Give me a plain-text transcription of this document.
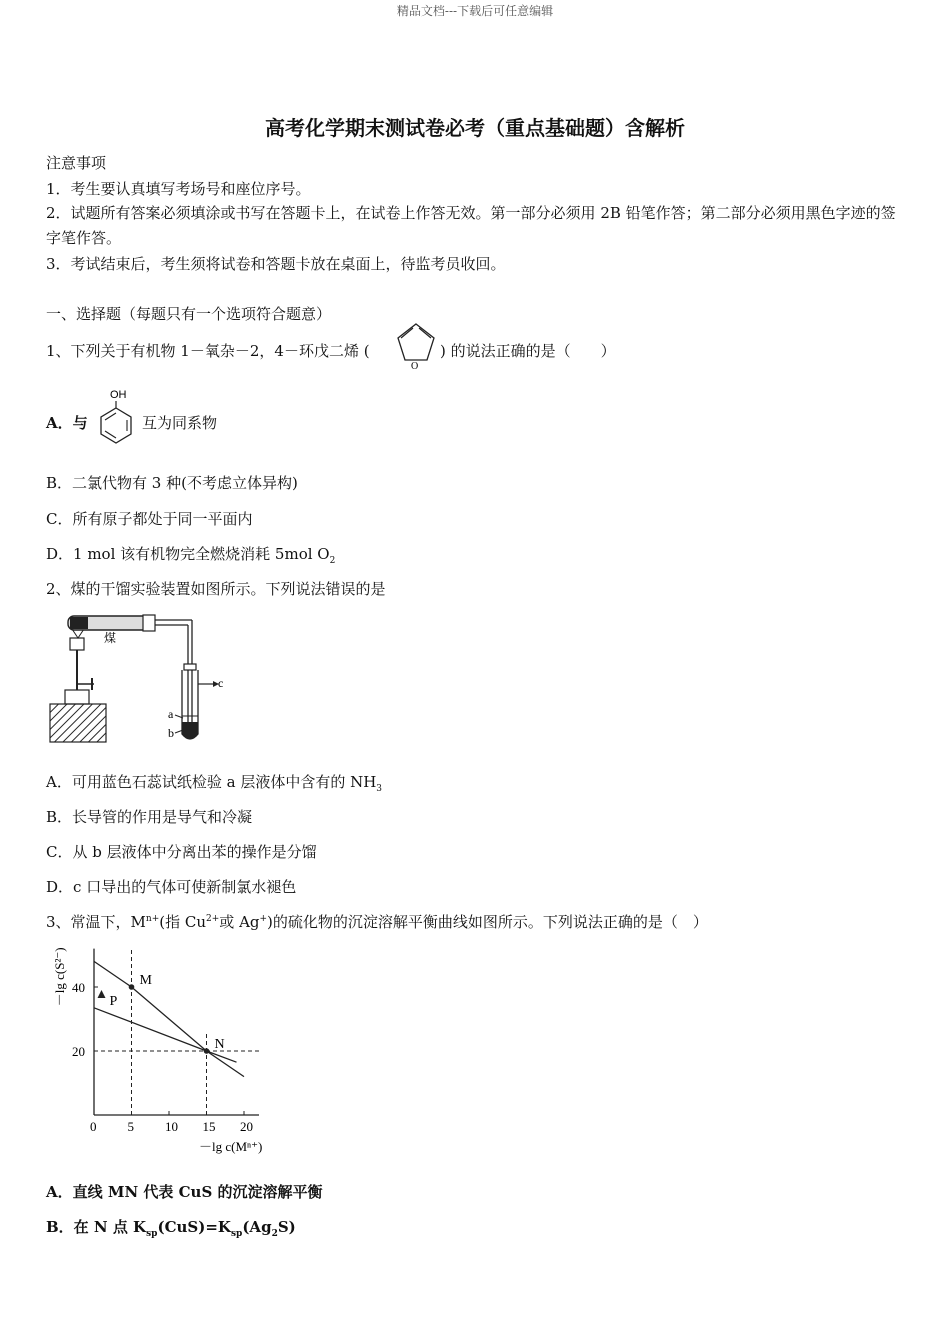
精品文档---下载后可任意编辑
高考化学期末测试卷必考（重点基础题）含解析
注意事项
1．考生要认真填写考场号和座位序号。
2．试题所有答案必须填涂或书写在答题卡上，在试卷上作答无效。第一部分必须用 2B 铅笔作答；第二部分必须用黑色字迹的签字笔作答。
3．考试结束后，考生须将试卷和答题卡放在桌面上，待监考员收回。
一、选择题（每题只有一个选项符合题意）
1、下列关于有机物 1－氧杂－2，4－环戊二烯 (
O
) 的说法正确的是（　　）
A．与
OH
互为同系物
B．二氯代物有 3 种(不考虑立体异构)
C．所有原子都处于同一平面内
D．1 mol 该有机物完全燃烧消耗 5mol $O_2$
2、煤的干馏实验装置如图所示。下列说法错误的是
煤
c
a
b
A．可用蓝色石蕊试纸检验 a 层液体中含有的 $NH_3$
B．长导管的作用是导气和冷凝
C．从 b 层液体中分离出苯的操作是分馏
D．c 口导出的气体可使新制氯水褪色
3、常温下，$M^{n+}$(指 $Cu^{2+}$或 Ag+)的硫化物的沉淀溶解平衡曲线如图所示。下列说法正确的是（　）
0 5 10 15 20
20
40	M
N
P
－lg c(Mⁿ⁺)
－lg c(S²⁻)
A．直线 MN 代表 CuS 的沉淀溶解平衡
B．在 N 点 $K_{sp}(CuS)=K_{sp}(Ag_2S)$
